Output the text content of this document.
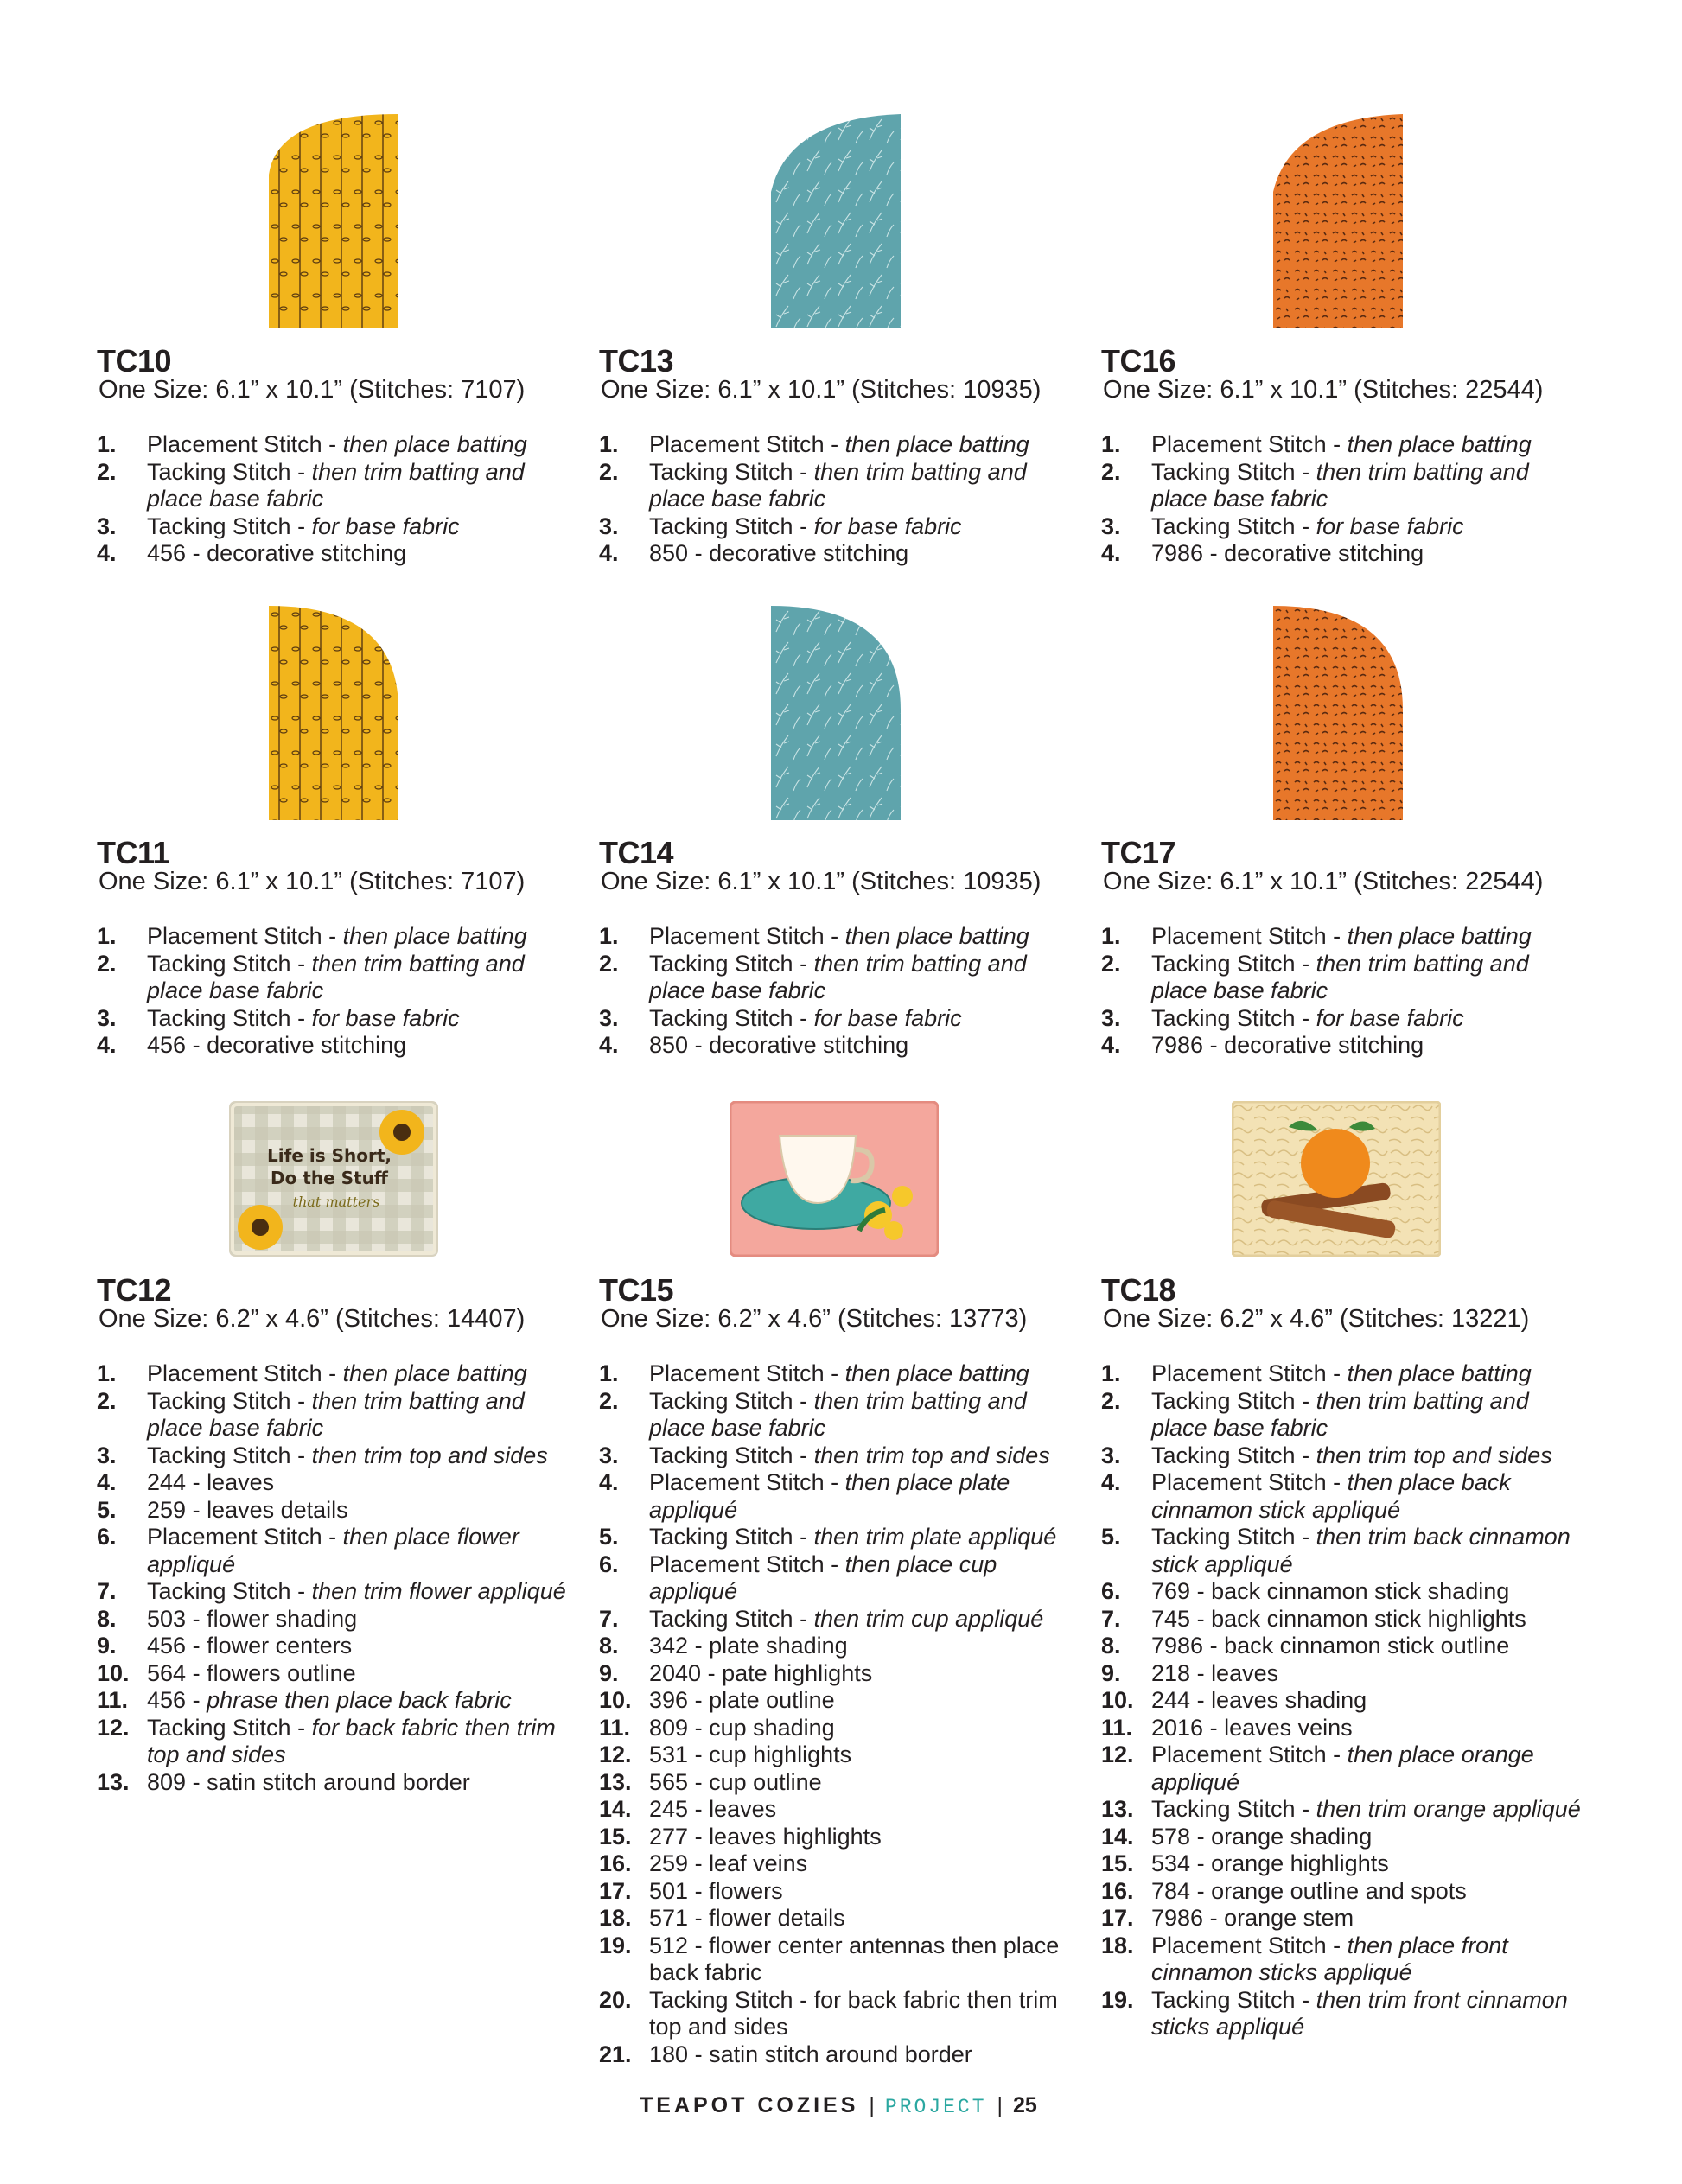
Life is Short,
Do the Stuff
that matters
TC10

One Size: 6.1” x 10.1” (Stitches: 7107)

1.	Placement Stitch - then place batting
2.	Tacking Stitch - then trim batting and place base fabric
3.	Tacking Stitch - for base fabric
4.	456 - decorative stitching
TC13

One Size: 6.1” x 10.1” (Stitches: 10935)

1.	Placement Stitch - then place batting
2.	Tacking Stitch - then trim batting and place base fabric
3.	Tacking Stitch - for base fabric
4.	850 - decorative stitching
TC16

One Size: 6.1” x 10.1” (Stitches: 22544)

1.	Placement Stitch - then place batting
2.	Tacking Stitch - then trim batting and place base fabric
3.	Tacking Stitch - for base fabric
4.	7986 - decorative stitching
TC11

One Size: 6.1” x 10.1” (Stitches: 7107)

1.	Placement Stitch - then place batting
2.	Tacking Stitch - then trim batting and place base fabric
3.	Tacking Stitch - for base fabric
4.	456 - decorative stitching
TC14

One Size: 6.1” x 10.1” (Stitches: 10935)

1.	Placement Stitch - then place batting
2.	Tacking Stitch - then trim batting and place base fabric
3.	Tacking Stitch - for base fabric
4.	850 - decorative stitching
TC17

One Size: 6.1” x 10.1” (Stitches: 22544)

1.	Placement Stitch - then place batting
2.	Tacking Stitch - then trim batting and place base fabric
3.	Tacking Stitch - for base fabric
4.	7986 - decorative stitching
TC12

One Size: 6.2” x 4.6” (Stitches: 14407)

1.	Placement Stitch - then place batting
2.	Tacking Stitch - then trim batting and place base fabric
3.	Tacking Stitch - then trim top and sides
4.	244 - leaves
5.	259 - leaves details
6.	Placement Stitch - then place flower appliqué
7.	Tacking Stitch - then trim flower appliqué
8.	503 - flower shading
9.	456 - flower centers
10. 564 - flowers outline
11. 456 - phrase then place back fabric
12. Tacking Stitch - for back fabric then trim top and sides
13. 809 - satin stitch around border
TC15

One Size: 6.2” x 4.6” (Stitches: 13773)

1.	Placement Stitch - then place batting
2.	Tacking Stitch - then trim batting and place base fabric
3.	Tacking Stitch - then trim top and sides
4.	Placement Stitch - then place plate appliqué
5.	Tacking Stitch - then trim plate appliqué
6.	Placement Stitch - then place cup appliqué
7.	Tacking Stitch - then trim cup appliqué
8.	342 - plate shading
9.	2040 - pate highlights
10. 396 - plate outline
11. 809 - cup shading
12. 531 - cup highlights
13. 565 - cup outline
14. 245 - leaves
15. 277 - leaves highlights
16. 259 - leaf veins
17. 501 - flowers
18. 571 - flower details
19. 512 - flower center antennas then place back fabric
20. Tacking Stitch - for back fabric then trim top and sides
21. 180 - satin stitch around border
TC18

One Size: 6.2” x 4.6” (Stitches: 13221)

1.	Placement Stitch - then place batting
2.	Tacking Stitch - then trim batting and place base fabric
3.	Tacking Stitch - then trim top and sides
4.	Placement Stitch - then place back cinnamon stick appliqué
5.	Tacking Stitch - then trim back cinnamon stick appliqué
6.	769 - back cinnamon stick shading
7.	745 - back cinnamon stick highlights
8.	7986 - back cinnamon stick outline
9.	218 - leaves
10. 244 - leaves shading
11. 2016 - leaves veins
12. Placement Stitch - then place orange appliqué
13. Tacking Stitch - then trim orange appliqué
14. 578 - orange shading
15. 534 - orange highlights
16. 784 - orange outline and spots
17. 7986 - orange stem
18. Placement Stitch - then place front cinnamon sticks appliqué
19. Tacking Stitch - then trim front cinnamon sticks appliqué
TEAPOT COZIES | PROJECT | 25
